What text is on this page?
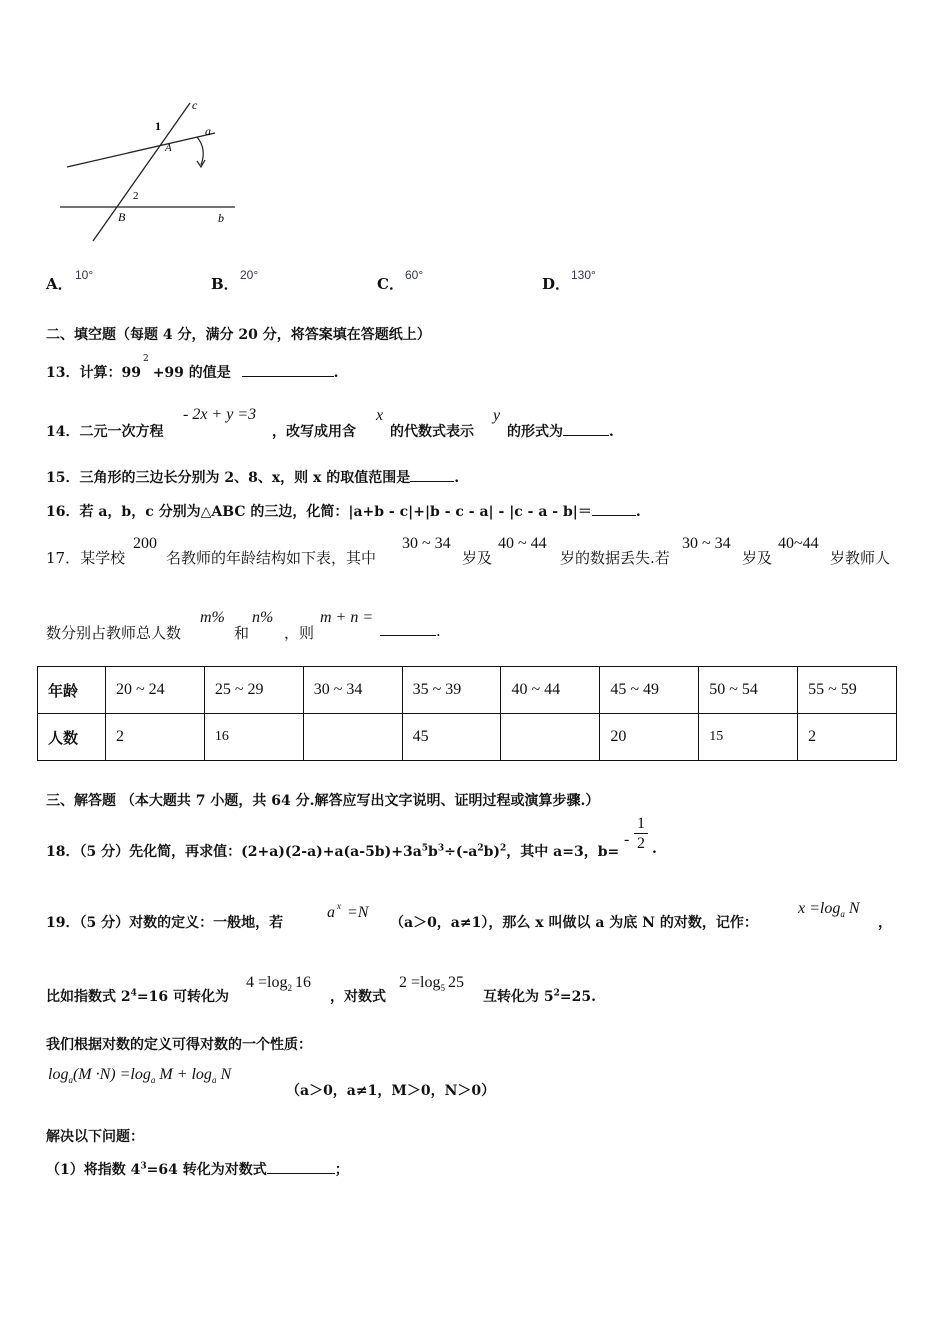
c
1
A
a
2
B	b
A． 10°	B． 20°	C． 60°	D． 130°
二、填空题（每题 4 分，满分 20 分，将答案填在答题纸上）
13．计算：$99^2+99$ 的值是	.
14．二元一次方程
- 2x + y =3
，改写成用含
x
的代数式表示
y
的形式为	.
15．三角形的三边长分别为 2、8、x，则 x 的取值范围是	.
16．若 a，b，c 分别为△ABC 的三边，化简：|a+b - c|+|b - c - a| - |c - a - b|＝	.
17．某学校
200
名教师的年龄结构如下表，其中
30 ~ 34
岁及
40 ~ 44
岁的数据丢失.若
30 ~ 34
岁及
40~44
岁教师人
数分别占教师总人数
m%
和
n%
，则
m + n =
.
年龄	20 ~ 24	25 ~ 29	30 ~ 34	35 ~ 39	40 ~ 44	45 ~ 49	50 ~ 54	55 ~ 59
人数	2	16		45		20	15	2
三、解答题 （本大题共 7 小题，共 64 分.解答应写出文字说明、证明过程或演算步骤.）
18．（5 分）先化简，再求值：$(2+a)(2-a)+a(a-5b)+3a^5b^3\div(-a^2b)^2$，其中 a=3，b=
-
1
2 .
19．（5 分）对数的定义：一般地，若
a $^x$ =N
（a＞0，a≠1），那么 x 叫做以 a 为底 N 的对数，记作：
$x =\log_a$ N
，
比如指数式 $2^4=16$ 可转化为
$4 =\log_2$ 16
，对数式
$2 =\log_5$ 25
互转化为 $5^2=25$.
我们根据对数的定义可得对数的一个性质：
$\log_a(M \cdot N) =\log_a$ $M + \log_a N$
（a＞0，a≠1，M＞0，N＞0）
解决以下问题：
（1）将指数 $4^3=64$ 转化为对数式	；
